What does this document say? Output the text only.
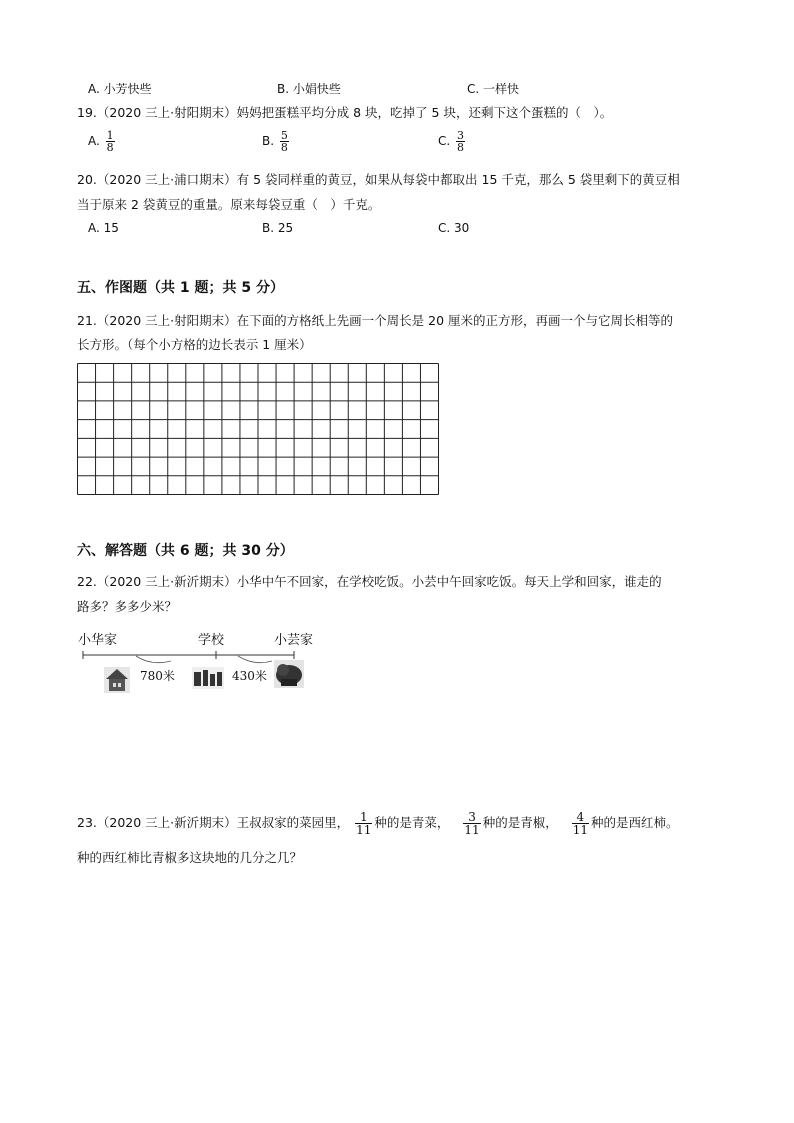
A. 小芳快些	B. 小娟快些	C. 一样快
19.（2020 三上·射阳期末）妈妈把蛋糕平均分成 8 块，吃掉了 5 块，还剩下这个蛋糕的（　）。
A. $\frac{1}{8}$	B. $\frac{5}{8}$	C. $\frac{3}{8}$
20.（2020 三上·浦口期末）有 5 袋同样重的黄豆，如果从每袋中都取出 15 千克，那么 5 袋里剩下的黄豆相
当于原来 2 袋黄豆的重量。原来每袋豆重（　）千克。
A. 15	B. 25	C. 30
五、作图题（共 1 题；共 5 分）
21.（2020 三上·射阳期末）在下面的方格纸上先画一个周长是 20 厘米的正方形，再画一个与它周长相等的
长方形。（每个小方格的边长表示 1 厘米）
六、解答题（共 6 题；共 30 分）
22.（2020 三上·新沂期末）小华中午不回家，在学校吃饭。小芸中午回家吃饭。每天上学和回家，谁走的
路多？多多少米？
小华家	学校	小芸家
780米	430米
23.（2020 三上·新沂期末）王叔叔家的菜园里， $\frac{1}{11}$ 种的是青菜， $\frac{3}{11}$ 种的是青椒， $\frac{4}{11}$ 种的是西红柿。
种的西红柿比青椒多这块地的几分之几？
